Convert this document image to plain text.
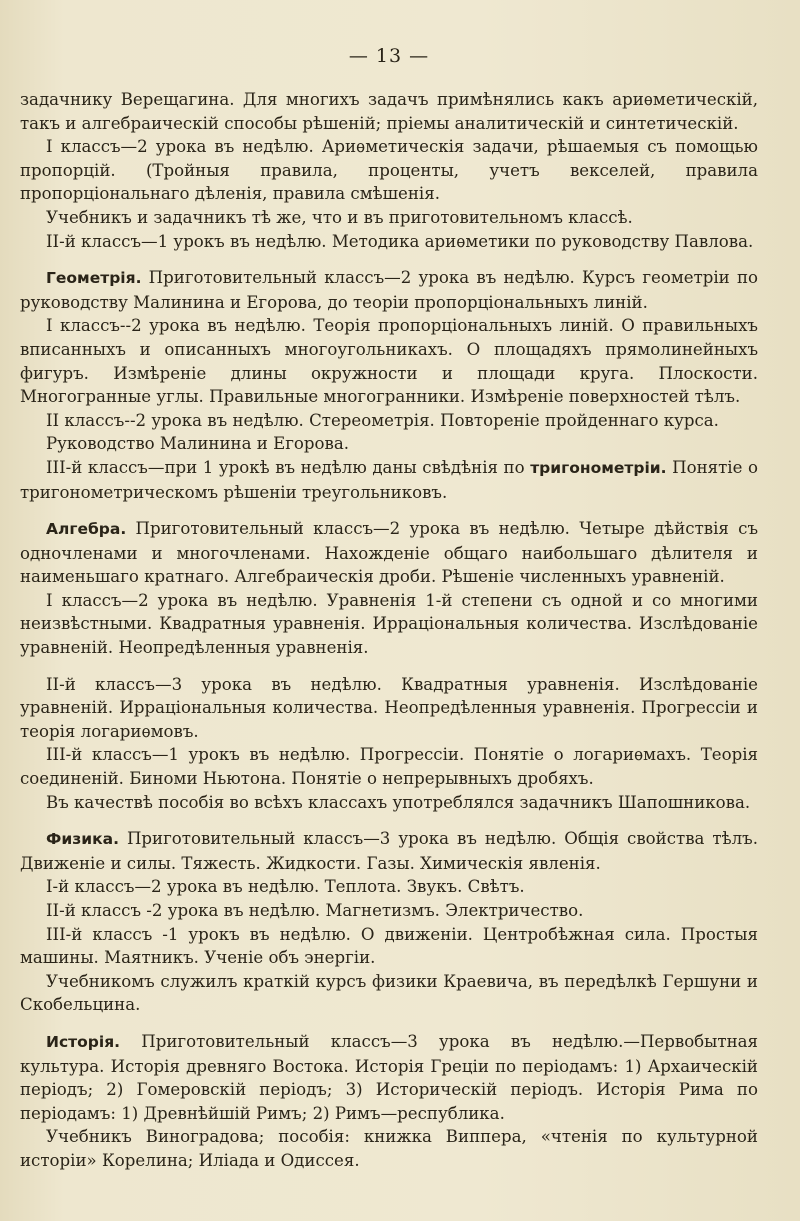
— 13 —

задачнику Верещагина. Для многихъ задачъ примѣнялись какъ ариѳметическій, такъ и алгебраическій способы рѣшеній; пріемы аналитическій и синтетическій.

I классъ—2 урока въ недѣлю. Ариѳметическія задачи, рѣшаемыя съ помощью пропорцій. (Тройныя правила, проценты, учетъ векселей, правила пропорціональнаго дѣленія, правила смѣшенія.

Учебникъ и задачникъ тѣ же, что и въ приготовительномъ классѣ.

II-й классъ—1 урокъ въ недѣлю. Методика ариѳметики по руководству Павлова.

Геометрія. Приготовительный классъ—2 урока въ недѣлю. Курсъ геометріи по руководству Малинина и Егорова, до теоріи пропорціональныхъ линій.

I классъ--2 урока въ недѣлю. Теорія пропорціональныхъ линій. О правильныхъ вписанныхъ и описанныхъ многоугольникахъ. О площадяхъ прямолинейныхъ фигуръ. Измѣреніе длины окружности и площади круга. Плоскости. Многогранные углы. Правильные многогранники. Измѣреніе поверхностей тѣлъ.

II классъ--2 урока въ недѣлю. Стереометрія. Повтореніе пройденнаго курса.

Руководство Малинина и Егорова.

III-й классъ—при 1 урокѣ въ недѣлю даны свѣдѣнія по тригонометріи. Понятіе о тригонометрическомъ рѣшеніи треугольниковъ.

Алгебра. Приготовительный классъ—2 урока въ недѣлю. Четыре дѣйствія съ одночленами и многочленами. Нахожденіе общаго наибольшаго дѣлителя и наименьшаго кратнаго. Алгебраическія дроби. Рѣшеніе численныхъ уравненій.

I классъ—2 урока въ недѣлю. Уравненія 1-й степени съ одной и со многими неизвѣстными. Квадратныя уравненія. Ирраціональныя количества. Изслѣдованіе уравненій. Неопредѣленныя уравненія.

II-й классъ—3 урока въ недѣлю. Квадратныя уравненія. Изслѣдованіе уравненій. Ирраціональныя количества. Неопредѣленныя уравненія. Прогрессіи и теорія логариѳмовъ.

III-й классъ—1 урокъ въ недѣлю. Прогрессіи. Понятіе о логариѳмахъ. Теорія соединеній. Биноми Ньютона. Понятіе о непрерывныхъ дробяхъ.

Въ качествѣ пособія во всѣхъ классахъ употреблялся задачникъ Шапошникова.

Физика. Приготовительный классъ—3 урока въ недѣлю. Общія свойства тѣлъ. Движеніе и силы. Тяжесть. Жидкости. Газы. Химическія явленія.

I-й классъ—2 урока въ недѣлю. Теплота. Звукъ. Свѣтъ.

II-й классъ -2 урока въ недѣлю. Магнетизмъ. Электричество.

III-й классъ -1 урокъ въ недѣлю. О движеніи. Центробѣжная сила. Простыя машины. Маятникъ. Ученіе объ энергіи.

Учебникомъ служилъ краткій курсъ физики Краевича, въ передѣлкѣ Гершуни и Скобельцина.

Исторія. Приготовительный классъ—3 урока въ недѣлю.—Первобытная культура. Исторія древняго Востока. Исторія Греціи по періодамъ: 1) Архаическій періодъ; 2) Гомеровскій періодъ; 3) Историческій періодъ. Исторія Рима по періодамъ: 1) Древнѣйшій Римъ; 2) Римъ—республика.

Учебникъ Виноградова; пособія: книжка Виппера, «чтенія по культурной исторіи» Корелина; Иліада и Одиссея.
